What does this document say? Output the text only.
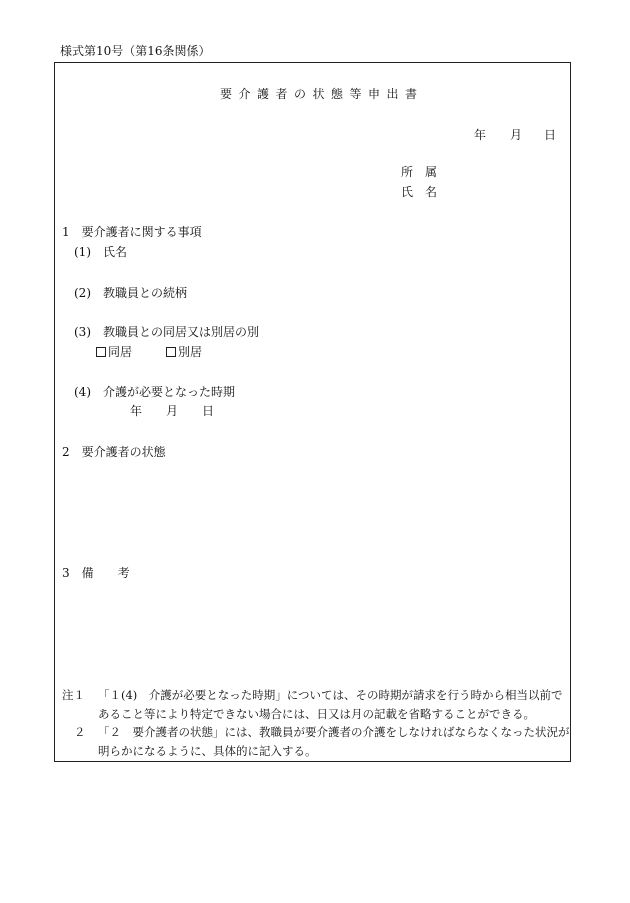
様式第10号（第16条関係）
要介護者の状態等申出書
年 月 日
所属
氏名
1　要介護者に関する事項
(1)　氏名
(2)　教職員との続柄
(3)　教職員との同居又は別居の別
同居	別居
(4)　介護が必要となった時期
年 月 日
2　要介護者の状態
3　備　　考
注１	「１(4)　介護が必要となった時期」については、その時期が請求を行う時から相当以前であること等により特定できない場合には、日又は月の記載を省略することができる。
２	「２　要介護者の状態」には、教職員が要介護者の介護をしなければならなくなった状況が明らかになるように、具体的に記入する。
